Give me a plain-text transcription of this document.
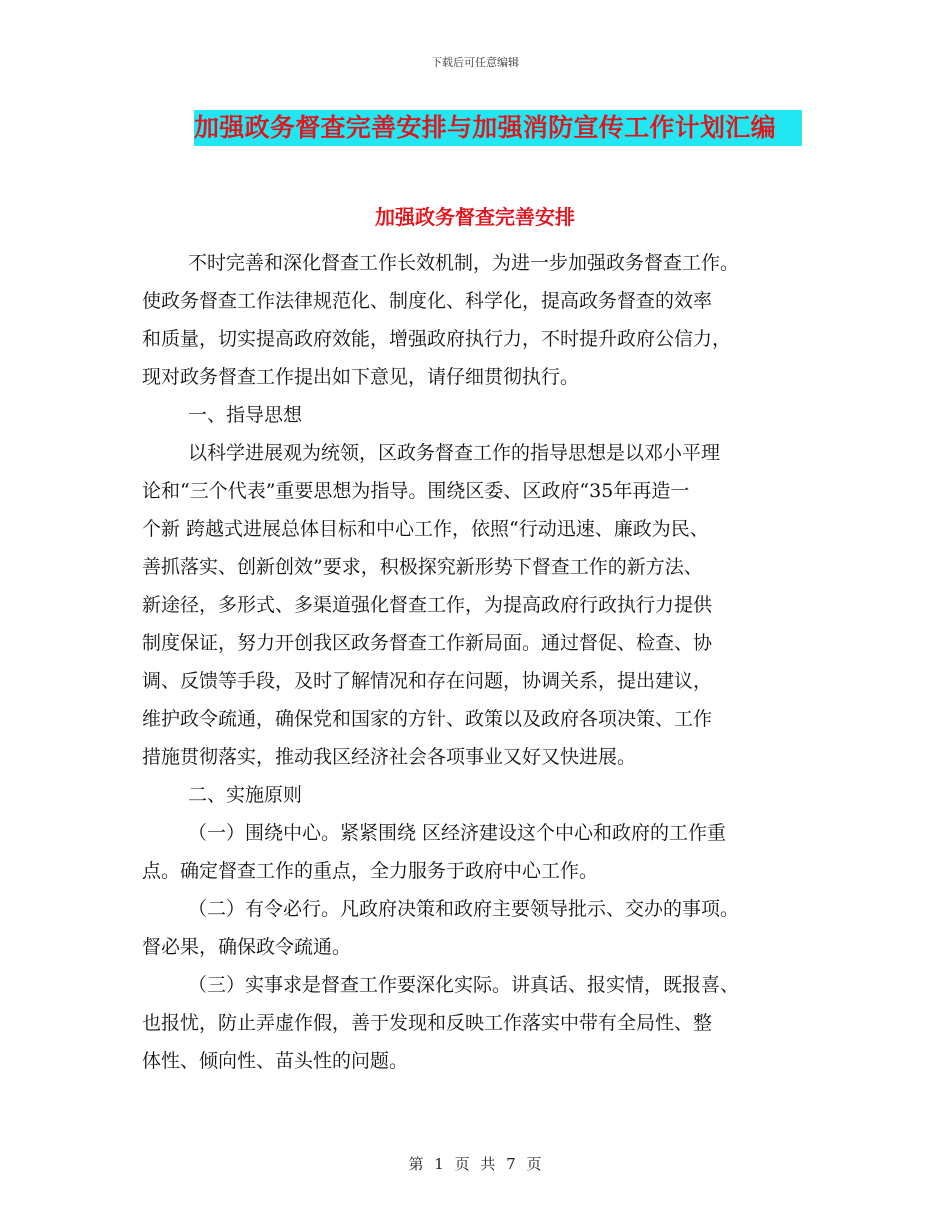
下载后可任意编辑
加强政务督查完善安排与加强消防宣传工作计划汇编
加强政务督查完善安排
不时完善和深化督查工作长效机制，为进一步加强政务督查工作。
使政务督查工作法律规范化、制度化、科学化，提高政务督查的效率
和质量，切实提高政府效能，增强政府执行力，不时提升政府公信力，
现对政务督查工作提出如下意见，请仔细贯彻执行。
一、指导思想
以科学进展观为统领，区政务督查工作的指导思想是以邓小平理
论和“三个代表”重要思想为指导。围绕区委、区政府“35年再造一
个新 跨越式进展总体目标和中心工作，依照“行动迅速、廉政为民、
善抓落实、创新创效”要求，积极探究新形势下督查工作的新方法、
新途径，多形式、多渠道强化督查工作，为提高政府行政执行力提供
制度保证，努力开创我区政务督查工作新局面。通过督促、检查、协
调、反馈等手段，及时了解情况和存在问题，协调关系，提出建议，
维护政令疏通，确保党和国家的方针、政策以及政府各项决策、工作
措施贯彻落实，推动我区经济社会各项事业又好又快进展。
二、实施原则
（一）围绕中心。紧紧围绕 区经济建设这个中心和政府的工作重
点。确定督查工作的重点，全力服务于政府中心工作。
（二）有令必行。凡政府决策和政府主要领导批示、交办的事项。
督必果，确保政令疏通。
（三）实事求是督查工作要深化实际。讲真话、报实情，既报喜、
也报忧，防止弄虚作假，善于发现和反映工作落实中带有全局性、整
体性、倾向性、苗头性的问题。
第 1 页 共 7 页
